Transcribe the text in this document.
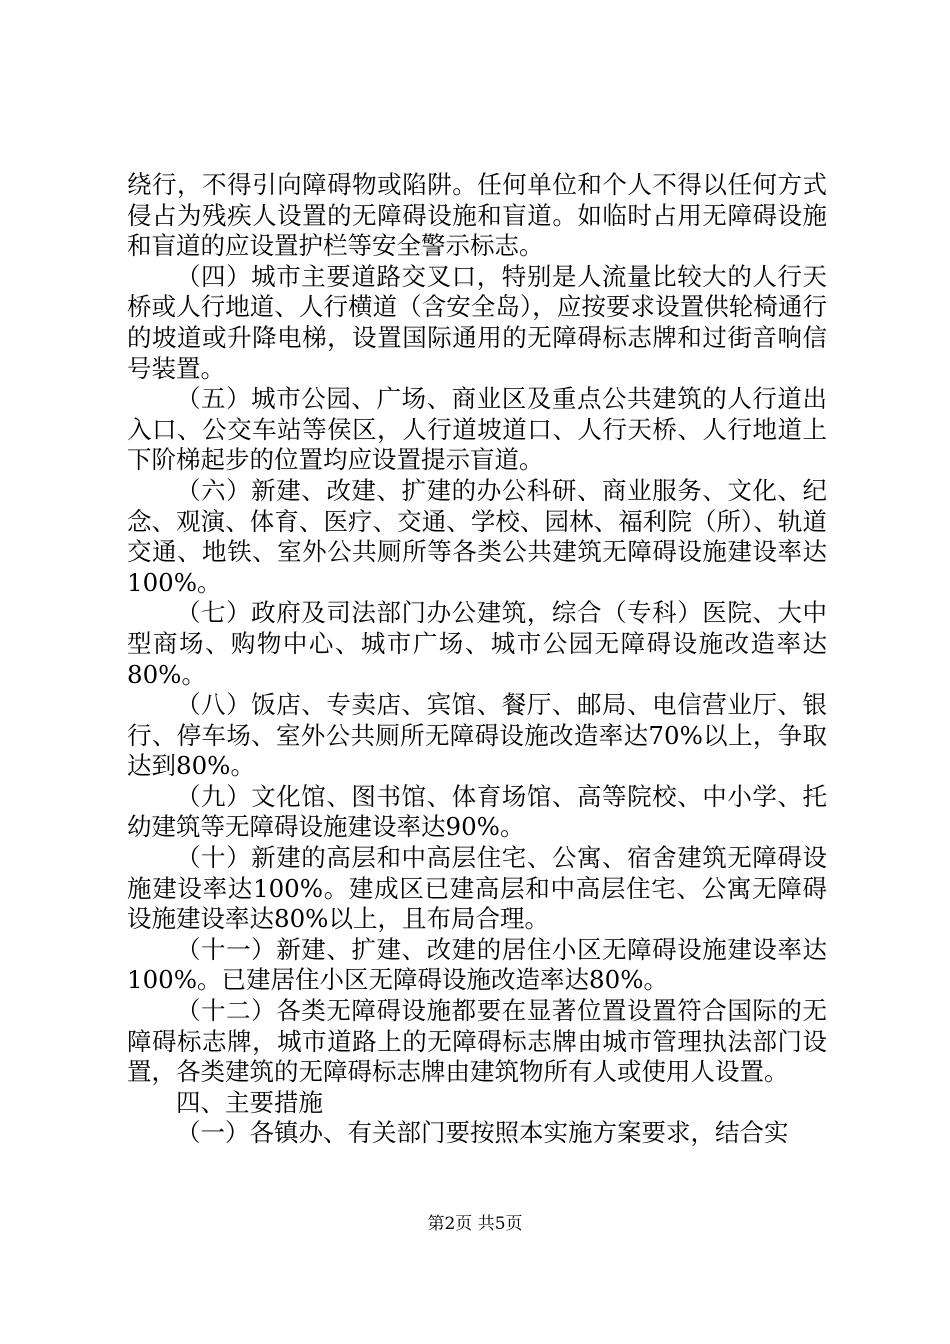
绕行，不得引向障碍物或陷阱。任何单位和个人不得以任何方式侵占为残疾人设置的无障碍设施和盲道。如临时占用无障碍设施和盲道的应设置护栏等安全警示标志。

（四）城市主要道路交叉口，特别是人流量比较大的人行天桥或人行地道、人行横道（含安全岛），应按要求设置供轮椅通行的坡道或升降电梯，设置国际通用的无障碍标志牌和过街音响信号装置。

（五）城市公园、广场、商业区及重点公共建筑的人行道出入口、公交车站等侯区，人行道坡道口、人行天桥、人行地道上下阶梯起步的位置均应设置提示盲道。

（六）新建、改建、扩建的办公科研、商业服务、文化、纪念、观演、体育、医疗、交通、学校、园林、福利院（所）、轨道交通、地铁、室外公共厕所等各类公共建筑无障碍设施建设率达100%。

（七）政府及司法部门办公建筑，综合（专科）医院、大中型商场、购物中心、城市广场、城市公园无障碍设施改造率达80%。

（八）饭店、专卖店、宾馆、餐厅、邮局、电信营业厅、银行、停车场、室外公共厕所无障碍设施改造率达70%以上，争取达到80%。

（九）文化馆、图书馆、体育场馆、高等院校、中小学、托幼建筑等无障碍设施建设率达90%。

（十）新建的高层和中高层住宅、公寓、宿舍建筑无障碍设施建设率达100%。建成区已建高层和中高层住宅、公寓无障碍设施建设率达80%以上，且布局合理。

（十一）新建、扩建、改建的居住小区无障碍设施建设率达100%。已建居住小区无障碍设施改造率达80%。

（十二）各类无障碍设施都要在显著位置设置符合国际的无障碍标志牌，城市道路上的无障碍标志牌由城市管理执法部门设置，各类建筑的无障碍标志牌由建筑物所有人或使用人设置。

四、主要措施

（一）各镇办、有关部门要按照本实施方案要求，结合实

第2页 共5页
